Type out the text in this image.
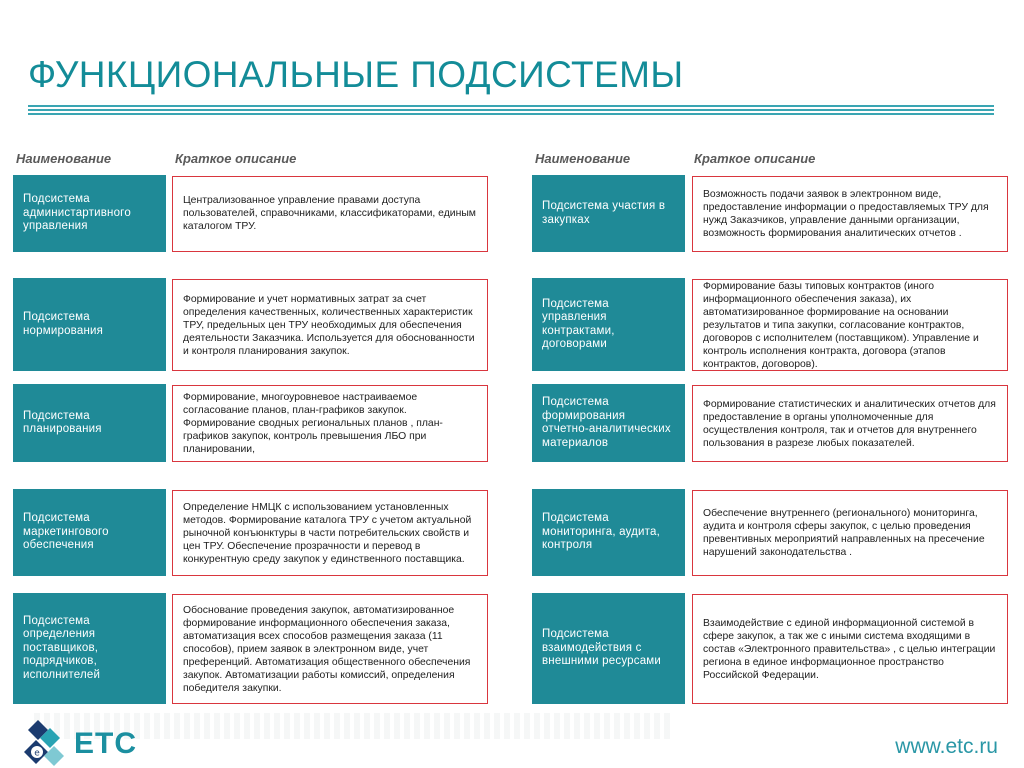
ФУНКЦИОНАЛЬНЫЕ ПОДСИСТЕМЫ
Наименование	Краткое описание	Наименование	Краткое описание
Подсистема администартивного управления
Централизованное управление правами доступа пользователей, справочниками, классификаторами, единым каталогом ТРУ.
Подсистема нормирования
Формирование и учет нормативных затрат за счет определения качественных, количественных характеристик ТРУ, предельных цен ТРУ необходимых для обеспечения деятельности Заказчика. Используется для обоснованности и контроля планирования закупок.
Подсистема планирования
Формирование, многоуровневое настраиваемое согласование планов, план-графиков закупок. Формирование сводных региональных планов , план-графиков закупок, контроль превышения ЛБО при планировании,
Подсистема маркетингового обеспечения
Определение НМЦК с использованием установленных методов. Формирование каталога ТРУ с учетом актуальной рыночной конъюнктуры в части потребительских свойств и цен ТРУ. Обеспечение прозрачности и перевод в конкурентную среду закупок у единственного поставщика.
Подсистема определения поставщиков, подрядчиков, исполнителей
Обоснование проведения закупок, автоматизированное формирование информационного обеспечения заказа, автоматизация всех способов размещения заказа (11 способов), прием заявок в электронном виде, учет преференций. Автоматизация общественного обеспечения закупок. Автоматизации работы комиссий, определения победителя закупки.
Подсистема участия в закупках
Возможность подачи заявок в электронном виде, предоставление информации о предоставляемых ТРУ для нужд Заказчиков, управление данными организации, возможность формирования аналитических отчетов .
Подсистема управления контрактами, договорами
Формирование базы типовых контрактов (иного информационного обеспечения заказа), их автоматизированное формирование на основании результатов и типа закупки, согласование контрактов, договоров с исполнителем (поставщиком). Управление и контроль исполнения контракта, договора (этапов контрактов, договоров).
Подсистема формирования отчетно-аналитических материалов
Формирование статистических и аналитических отчетов для предоставление в органы уполномоченные для осуществления контроля, так и отчетов для внутреннего пользования в разрезе любых показателей.
Подсистема мониторинга, аудита, контроля
Обеспечение внутреннего (регионального) мониторинга, аудита и контроля сферы закупок, с целью проведения превентивных мероприятий направленных на пресечение нарушений законодательства .
Подсистема взаимодействия с внешними ресурсами
Взаимодействие с единой информационной системой в сфере закупок, а так же с иными система входящими в состав «Электронного правительства» , с целью интеграции региона в единое информационное пространство Российской Федерации.
e ЕТС	www.etc.ru
